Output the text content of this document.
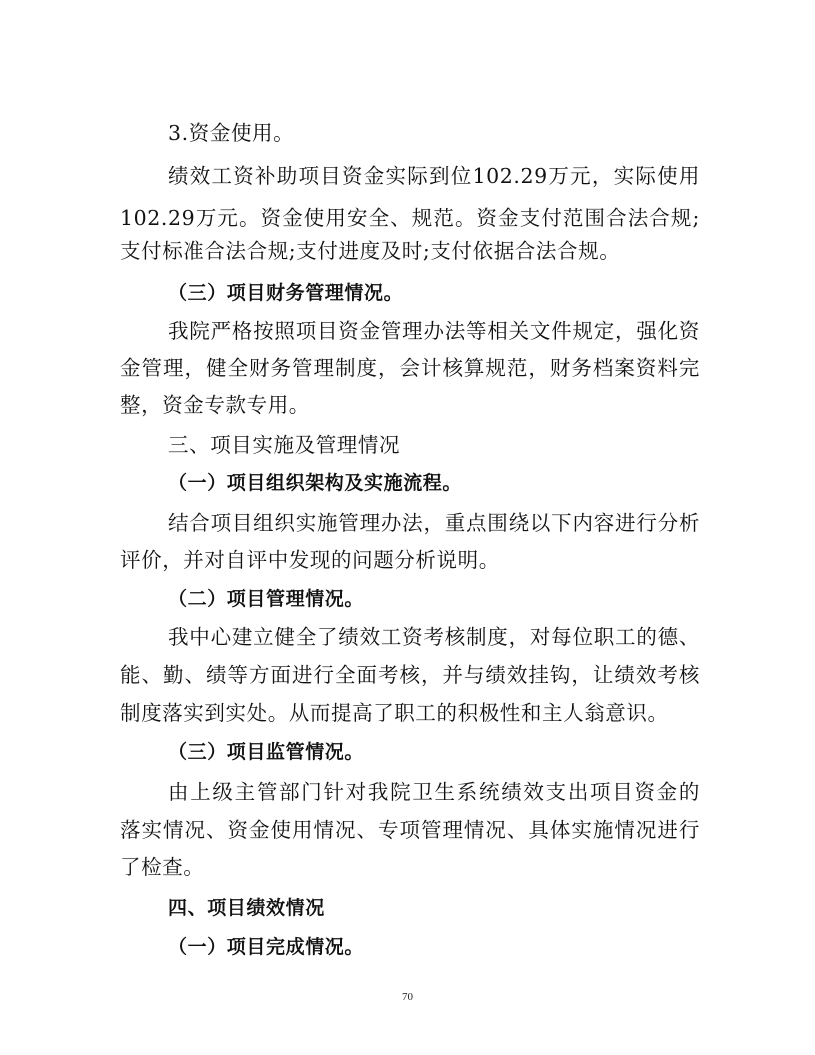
3.资金使用。
绩效工资补助项目资金实际到位102.29万元，实际使用
102.29万元。资金使用安全、规范。资金支付范围合法合规;
支付标准合法合规;支付进度及时;支付依据合法合规。
（三）项目财务管理情况。
我院严格按照项目资金管理办法等相关文件规定，强化资
金管理，健全财务管理制度，会计核算规范，财务档案资料完
整，资金专款专用。
三、项目实施及管理情况
（一）项目组织架构及实施流程。
结合项目组织实施管理办法，重点围绕以下内容进行分析
评价，并对自评中发现的问题分析说明。
（二）项目管理情况。
我中心建立健全了绩效工资考核制度，对每位职工的德、
能、勤、绩等方面进行全面考核，并与绩效挂钩，让绩效考核
制度落实到实处。从而提高了职工的积极性和主人翁意识。
（三）项目监管情况。
由上级主管部门针对我院卫生系统绩效支出项目资金的
落实情况、资金使用情况、专项管理情况、具体实施情况进行
了检查。
四、项目绩效情况
（一）项目完成情况。
70
